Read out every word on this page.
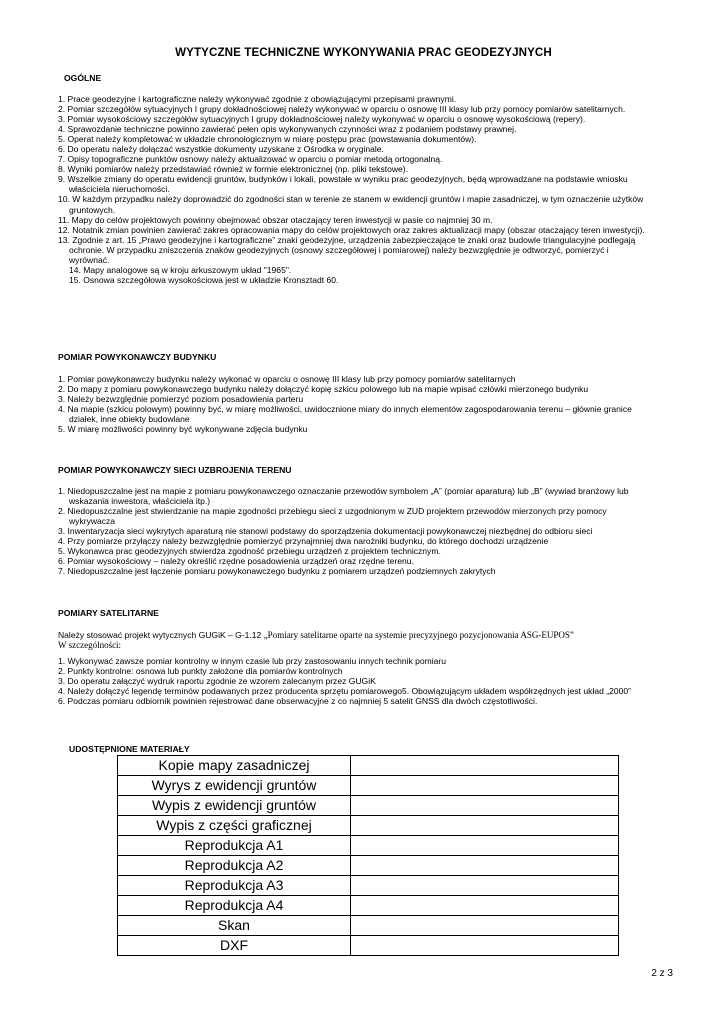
WYTYCZNE TECHNICZNE WYKONYWANIA PRAC GEODEZYJNYCH
OGÓLNE
1. Prace geodezyjne i kartograficzne należy wykonywać zgodnie z obowiązującymi przepisami prawnymi.
2. Pomiar szczegółów sytuacyjnych I grupy dokładnościowej należy wykonywać w oparciu o osnowę III klasy lub przy pomocy pomiarów satelitarnych.
3. Pomiar wysokościowy szczegółów sytuacyjnych I grupy dokładnościowej należy wykonywać w oparciu o osnowę wysokościową (repery).
4. Sprawozdanie techniczne powinno zawierać pełen opis wykonywanych czynności wraz z podaniem podstawy prawnej.
5. Operat należy kompletować w układzie chronologicznym w miarę postępu prac (powstawania dokumentów).
6. Do operatu należy dołączać wszystkie dokumenty uzyskane z Ośrodka w oryginale.
7. Opisy topograficzne punktów osnowy należy aktualizować w oparciu o pomiar metodą ortogonalną.
8. Wyniki pomiarów należy przedstawiać również w formie elektronicznej (np. pliki tekstowe).
9. Wszelkie zmiany do operatu ewidencji gruntów, budynków i lokali, powstałe w wyniku prac geodezyjnych, będą wprowadzane na podstawie wniosku właściciela nieruchomości.
10. W każdym przypadku należy doprowadzić do zgodności stan w terenie ze stanem w ewidencji gruntów i mapie zasadniczej, w tym oznaczenie użytków gruntowych.
11. Mapy do celów projektowych powinny obejmować obszar otaczający teren inwestycji w pasie co najmniej 30 m.
12. Notatnik zmian powinien zawierać zakres opracowania mapy do celów projektowych oraz zakres aktualizacji mapy (obszar otaczający teren inwestycji).
13. Zgodnie z art. 15 „Prawo geodezyjne i kartograficzne” znaki geodezyjne, urządzenia zabezpieczające te znaki oraz budowle triangulacyjne podlegają ochronie. W przypadku zniszczenia znaków geodezyjnych (osnowy szczegółowej i pomiarowej) należy bezwzględnie je odtworzyć, pomierzyć i wyrównać.
14. Mapy analogowe są w kroju arkuszowym układ "1965".
15. Osnowa szczegółowa wysokościowa jest w układzie Kronsztadt 60.
POMIAR POWYKONAWCZY BUDYNKU
1. Pomiar powykonawczy budynku należy wykonać w oparciu o osnowę III klasy lub przy pomocy pomiarów satelitarnych
2. Do mapy z pomiaru powykonawczego budynku należy dołączyć kopię szkicu polowego lub na mapie wpisać człówki mierzonego budynku
3. Należy bezwzględnie pomierzyć poziom posadowienia parteru
4. Na mapie (szkicu polowym) powinny być, w miarę możliwości, uwidocznione miary do innych elementów zagospodarowania terenu – głównie granice działek, inne obiekty budowlane
5. W miarę możliwości powinny być wykonywane zdjęcia budynku
POMIAR POWYKONAWCZY SIECI UZBROJENIA TERENU
1. Niedopuszczalne jest na mapie z pomiaru powykonawczego oznaczanie przewodów symbolem „A” (pomiar aparaturą) lub „B” (wywiad branżowy lub wskazania inwestora, właściciela itp.)
2. Niedopuszczalne jest stwierdzanie na mapie zgodności przebiegu sieci z uzgodnionym w ZUD projektem przewodów mierzonych przy pomocy wykrywacza
3. Inwentaryzacja sieci wykrytych aparaturą nie stanowi podstawy do sporządzenia dokumentacji powykonawczej niezbędnej do odbioru sieci
4. Przy pomiarze przyłączy należy bezwzględnie pomierzyć przynajmniej dwa narożniki budynku, do którego dochodzi urządzenie
5. Wykonawca prac geodezyjnych stwierdza zgodność przebiegu urządzeń z projektem technicznym.
6. Pomiar wysokościowy – należy określić rzędne posadowienia urządzeń oraz rzędne terenu.
7. Niedopuszczalne jest łączenie pomiaru powykonawczego budynku z pomiarem urządzeń podziemnych zakrytych
POMIARY SATELITARNE
Należy stosować projekt wytycznych GUGiK – G-1.12 „Pomiary satelitarne oparte na systemie precyzyjnego pozycjonowania ASG-EUPOS”
W szczególności:
1. Wykonywać zawsze pomiar kontrolny w innym czasie lub przy zastosowaniu innych technik pomiaru
2. Punkty kontrolne: osnowa lub punkty założone dla pomiarów kontrolnych
3. Do operatu załączyć wydruk raportu zgodnie ze wzorem zalecanym przez GUGiK
4. Należy dołączyć legendę terminów podawanych przez producenta sprzętu pomiarowego5. Obowiązującym układem współrzędnych jest układ „2000”
6. Podczas pomiaru odbiornik powinien rejestrować dane obserwacyjne z co najmniej 5 satelit GNSS dla dwóch częstotliwości.
UDOSTĘPNIONE MATERIAŁY
Kopie mapy zasadniczej	
Wyrys z ewidencji gruntów	
Wypis z ewidencji gruntów	
Wypis z części graficznej	
Reprodukcja A1	
Reprodukcja A2	
Reprodukcja A3	
Reprodukcja A4	
Skan	
DXF	
2 z 3
